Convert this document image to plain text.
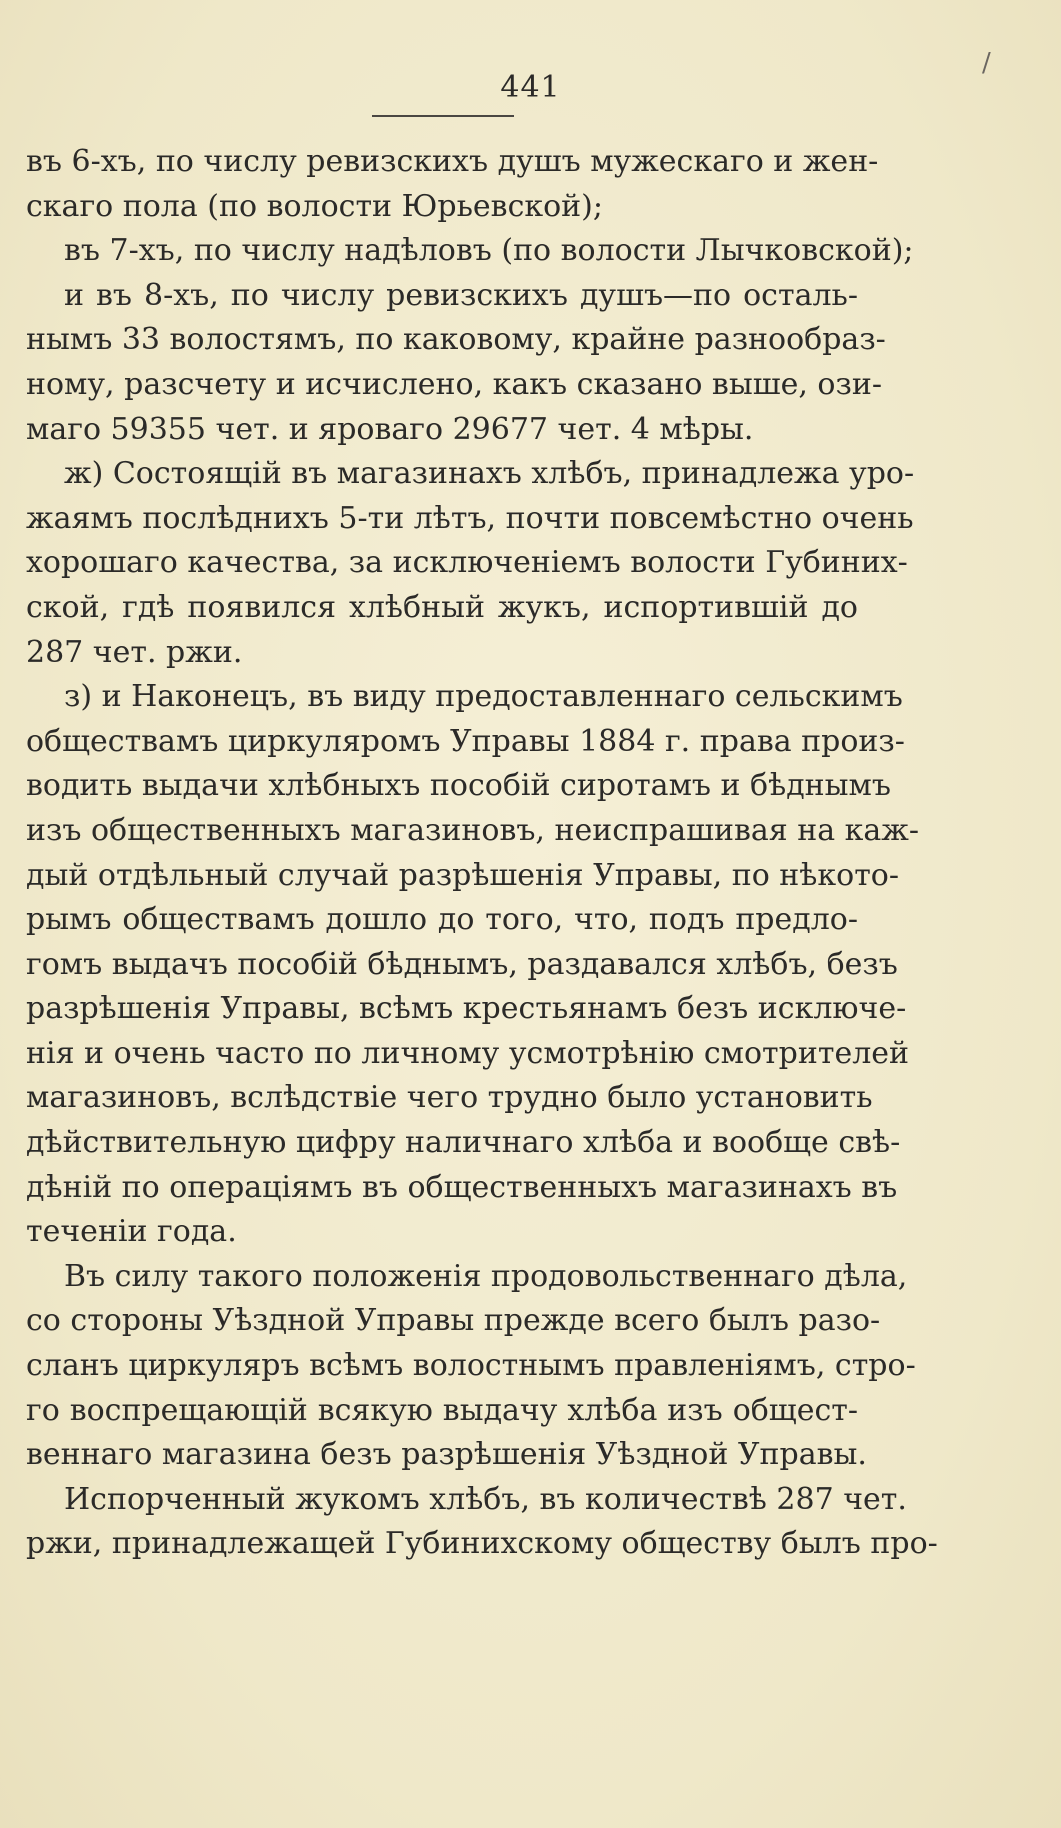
/
441
въ 6-хъ, по числу ревизскихъ душъ мужескаго и жен-
скаго пола (по волости Юрьевской);
въ 7-хъ, по числу надѣловъ (по волости Лычковской);
и въ 8-хъ, по числу ревизскихъ душъ—по осталь-
нымъ 33 волостямъ, по каковому, крайне разнообраз-
ному, разсчету и исчислено, какъ сказано выше, ози-
маго 59355 чет. и яроваго 29677 чет. 4 мѣры.
ж) Состоящій въ магазинахъ хлѣбъ, принадлежа уро-
жаямъ послѣднихъ 5-ти лѣтъ, почти повсемѣстно очень
хорошаго качества, за исключеніемъ волости Губиних-
ской, гдѣ появился хлѣбный жукъ, испортившій до
287 чет. ржи.
з) и Наконецъ, въ виду предоставленнаго сельскимъ
обществамъ циркуляромъ Управы 1884 г. права произ-
водить выдачи хлѣбныхъ пособій сиротамъ и бѣднымъ
изъ общественныхъ магазиновъ, неиспрашивая на каж-
дый отдѣльный случай разрѣшенія Управы, по нѣкото-
рымъ обществамъ дошло до того, что, подъ предло-
гомъ выдачъ пособій бѣднымъ, раздавался хлѣбъ, безъ
разрѣшенія Управы, всѣмъ крестьянамъ безъ исключе-
нія и очень часто по личному усмотрѣнію смотрителей
магазиновъ, вслѣдствіе чего трудно было установить
дѣйствительную цифру наличнаго хлѣба и вообще свѣ-
дѣній по операціямъ въ общественныхъ магазинахъ въ
теченіи года.
Въ силу такого положенія продовольственнаго дѣла,
со стороны Уѣздной Управы прежде всего былъ разо-
сланъ циркуляръ всѣмъ волостнымъ правленіямъ, стро-
го воспрещающій всякую выдачу хлѣба изъ общест-
веннаго магазина безъ разрѣшенія Уѣздной Управы.
Испорченный жукомъ хлѣбъ, въ количествѣ 287 чет.
ржи, принадлежащей Губинихскому обществу былъ про-
